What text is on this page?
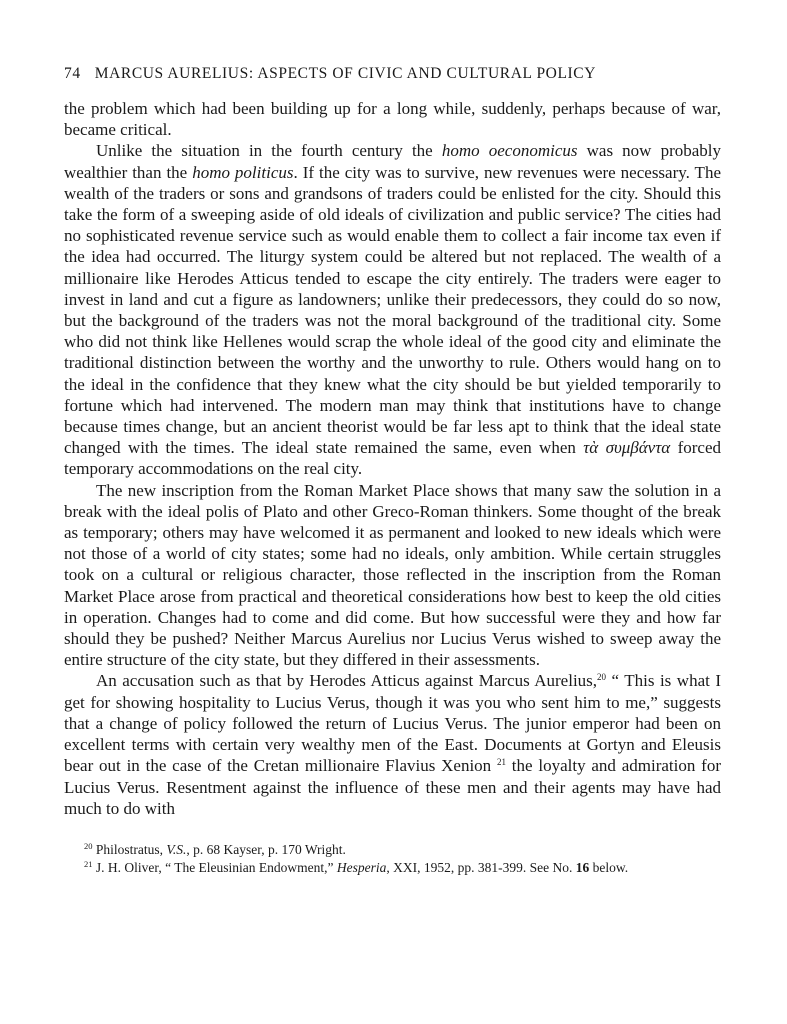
74 MARCUS AURELIUS: ASPECTS OF CIVIC AND CULTURAL POLICY

the problem which had been building up for a long while, suddenly, perhaps because of war, became critical.

Unlike the situation in the fourth century the homo oeconomicus was now probably wealthier than the homo politicus. If the city was to survive, new revenues were necessary. The wealth of the traders or sons and grandsons of traders could be enlisted for the city. Should this take the form of a sweeping aside of old ideals of civilization and public service? The cities had no sophisticated revenue service such as would enable them to collect a fair income tax even if the idea had occurred. The liturgy system could be altered but not replaced. The wealth of a millionaire like Herodes Atticus tended to escape the city entirely. The traders were eager to invest in land and cut a figure as landowners; unlike their predecessors, they could do so now, but the background of the traders was not the moral background of the traditional city. Some who did not think like Hellenes would scrap the whole ideal of the good city and eliminate the traditional distinction between the worthy and the unworthy to rule. Others would hang on to the ideal in the confidence that they knew what the city should be but yielded temporarily to fortune which had intervened. The modern man may think that institutions have to change because times change, but an ancient theorist would be far less apt to think that the ideal state changed with the times. The ideal state remained the same, even when τὰ συμβάντα forced temporary accommodations on the real city.

The new inscription from the Roman Market Place shows that many saw the solution in a break with the ideal polis of Plato and other Greco-Roman thinkers. Some thought of the break as temporary; others may have welcomed it as permanent and looked to new ideals which were not those of a world of city states; some had no ideals, only ambition. While certain struggles took on a cultural or religious character, those reflected in the inscription from the Roman Market Place arose from practical and theoretical considerations how best to keep the old cities in operation. Changes had to come and did come. But how successful were they and how far should they be pushed? Neither Marcus Aurelius nor Lucius Verus wished to sweep away the entire structure of the city state, but they differed in their assessments.

An accusation such as that by Herodes Atticus against Marcus Aurelius,$^{20}$ “ This is what I get for showing hospitality to Lucius Verus, though it was you who sent him to me,” suggests that a change of policy followed the return of Lucius Verus. The junior emperor had been on excellent terms with certain very wealthy men of the East. Documents at Gortyn and Eleusis bear out in the case of the Cretan millionaire Flavius Xenion $^{21}$ the loyalty and admiration for Lucius Verus. Resentment against the influence of these men and their agents may have had much to do with

$^{20}$ Philostratus, V.S., p. 68 Kayser, p. 170 Wright.

$^{21}$ J. H. Oliver, “ The Eleusinian Endowment,” Hesperia, XXI, 1952, pp. 381-399. See No. 16 below.
